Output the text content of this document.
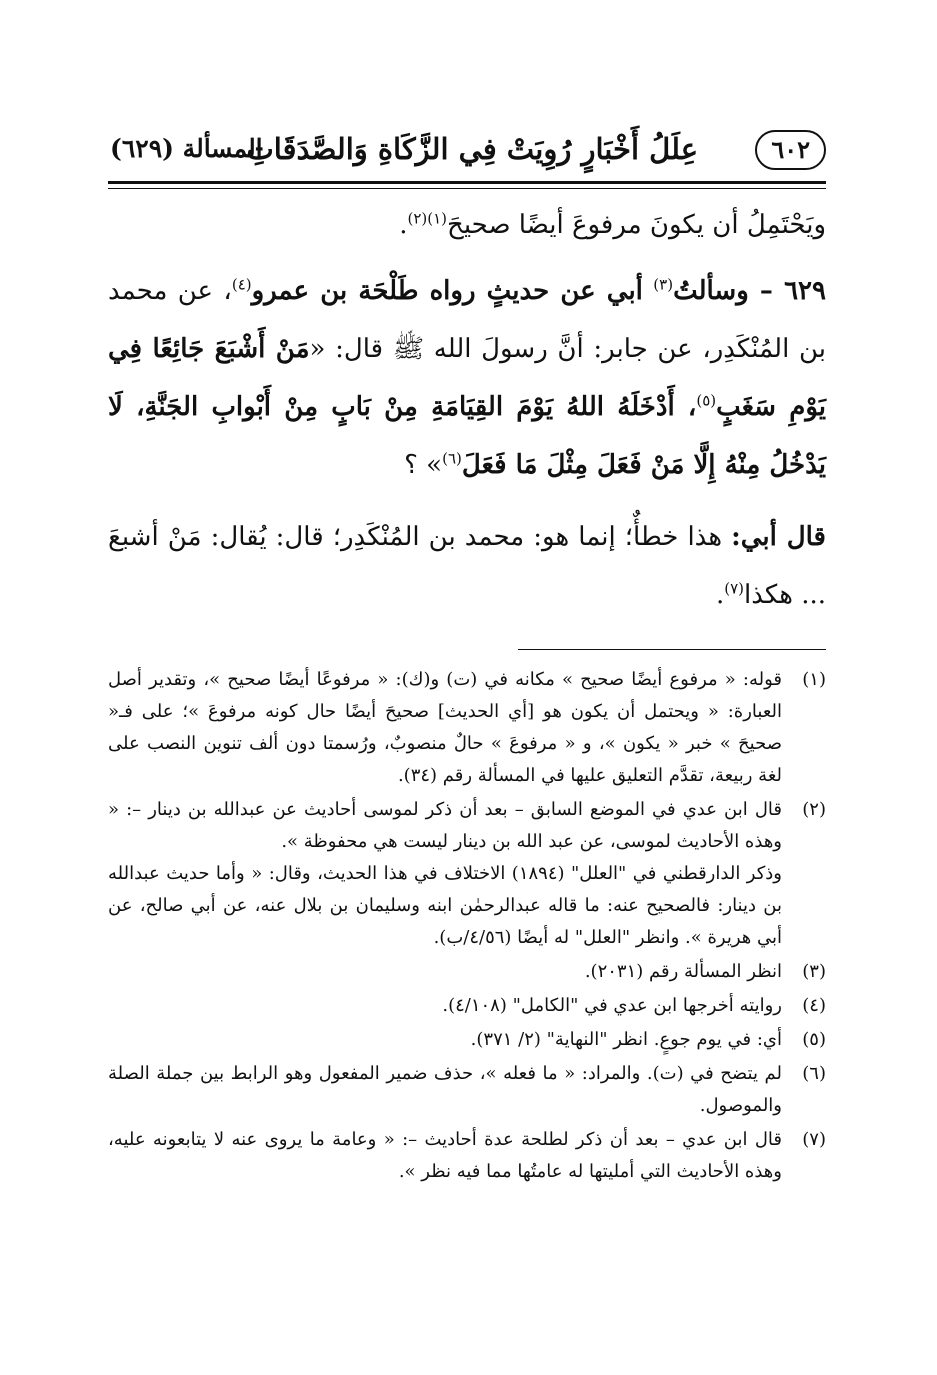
٦٠٢
عِلَلُ أَخْبَارٍ رُوِيَتْ فِي الزَّكَاةِ وَالصَّدَقَاتِ
المسألة (٦٢٩)

ويَحْتَمِلُ أن يكونَ مرفوعَ أيضًا صحيحَ$^{(١)(٢)}$.

٦٢٩ – وسألتُ$^{(٣)}$ أبي عن حديثٍ رواه طَلْحَة بن عمرو$^{(٤)}$، عن محمد بن المُنْكَدِر، عن جابر: أنَّ رسولَ الله ﷺ قال: «مَنْ أَشْبَعَ جَائِعًا فِي يَوْمِ سَغَبٍ$^{(٥)}$، أَدْخَلَهُ اللهُ يَوْمَ القِيَامَةِ مِنْ بَابٍ مِنْ أَبْوابِ الجَنَّةِ، لَا يَدْخُلُ مِنْهُ إِلَّا مَنْ فَعَلَ مِثْلَ مَا فَعَلَ$^{(٦)}$» ؟

قال أبي: هذا خطأٌ؛ إنما هو: محمد بن المُنْكَدِر؛ قال: يُقال: مَنْ أشبعَ ... هكذا$^{(٧)}$.

(١)

قوله: « مرفوع أيضًا صحيح » مكانه في (ت) و(ك): « مرفوعًا أيضًا صحيح »، وتقدير أصل العبارة: « ويحتمل أن يكون هو [أي الحديث] صحيحَ أيضًا حال كونه مرفوعَ »؛ على فـ« صحيحَ » خبر « يكون »، و « مرفوعَ » حالٌ منصوبٌ، ورُسمتا دون ألف تنوين النصب على لغة ربيعة، تقدَّم التعليق عليها في المسألة رقم (٣٤).

(٢)

قال ابن عدي في الموضع السابق – بعد أن ذكر لموسى أحاديث عن عبدالله بن دينار –: « وهذه الأحاديث لموسى، عن عبد الله بن دينار ليست هي محفوظة ».

وذكر الدارقطني في "العلل" (١٨٩٤) الاختلاف في هذا الحديث، وقال: « وأما حديث عبدالله بن دينار: فالصحيح عنه: ما قاله عبدالرحمٰن ابنه وسليمان بن بلال عنه، عن أبي صالح، عن أبي هريرة ». وانظر "العلل" له أيضًا (٤/٥٦/ب).

(٣)

انظر المسألة رقم (٢٠٣١).

(٤)

روايته أخرجها ابن عدي في "الكامل" (٤/١٠٨).

(٥)

أي: في يوم جوعٍ. انظر "النهاية" (٢/ ٣٧١).

(٦)

لم يتضح في (ت). والمراد: « ما فعله »، حذف ضمير المفعول وهو الرابط بين جملة الصلة والموصول.

(٧)

قال ابن عدي – بعد أن ذكر لطلحة عدة أحاديث –: « وعامة ما يروى عنه لا يتابعونه عليه، وهذه الأحاديث التي أمليتها له عامتُها مما فيه نظر ».
